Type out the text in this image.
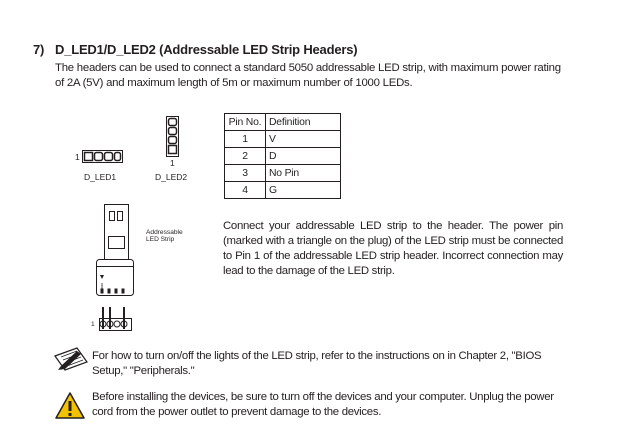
7) D_LED1/D_LED2 (Addressable LED Strip Headers)
The headers can be used to connect a standard 5050 addressable LED strip, with maximum power rating of 2A (5V) and maximum length of 5m or maximum number of 1000 LEDs.
1
D_LED1
1
D_LED2
Addressable LED Strip
1
Pin No.	Definition
1	V
2	D
3	No Pin
4	G
Connect your addressable LED strip to the header. The power pin (marked with a triangle on the plug) of the LED strip must be connected to Pin 1 of the addressable LED strip header. Incorrect connection may lead to the damage of the LED strip.
For how to turn on/off the lights of the LED strip, refer to the instructions on in Chapter 2, "BIOS Setup," "Peripherals."
Before installing the devices, be sure to turn off the devices and your computer. Unplug the power cord from the power outlet to prevent damage to the devices.
